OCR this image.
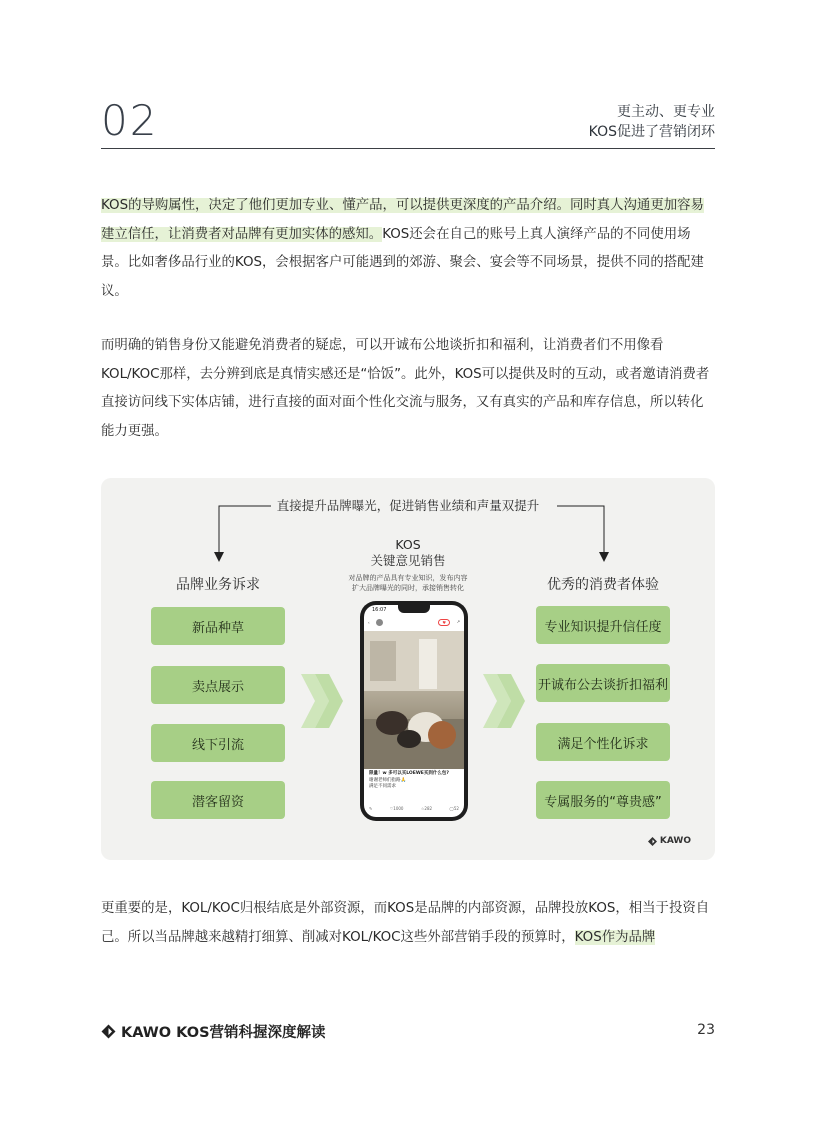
02	更主动、更专业
KOS促进了营销闭环

KOS的导购属性，决定了他们更加专业、懂产品，可以提供更深度的产品介绍。同时真人沟通更加容易建立信任，让消费者对品牌有更加实体的感知。KOS还会在自己的账号上真人演绎产品的不同使用场景。比如奢侈品行业的KOS，会根据客户可能遇到的郊游、聚会、宴会等不同场景，提供不同的搭配建议。

而明确的销售身份又能避免消费者的疑虑，可以开诚布公地谈折扣和福利，让消费者们不用像看KOL/KOC那样，去分辨到底是真情实感还是“恰饭”。此外，KOS可以提供及时的互动，或者邀请消费者直接访问线下实体店铺，进行直接的面对面个性化交流与服务，又有真实的产品和库存信息，所以转化能力更强。

直接提升品牌曝光，促进销售业绩和声量双提升
品牌业务诉求
新品种草
卖点展示
线下引流
潜客留资
KOS
关键意见销售
对品牌的产品具有专业知识，发布内容
扩大品牌曝光的同时，承接销售转化
16:07
‹	♥	↗
限量！w 多可以买LOEWE买到什么包?
谢谢老师们指路🙏
满足不同需求
✎	♡1000	☆282	◯52
优秀的消费者体验
专业知识提升信任度
开诚布公去谈折扣福利
满足个性化诉求
专属服务的“尊贵感”
KAWO

更重要的是，KOL/KOC归根结底是外部资源，而KOS是品牌的内部资源，品牌投放KOS，相当于投资自己。所以当品牌越来越精打细算、削减对KOL/KOC这些外部营销手段的预算时，KOS作为品牌

KAWO KOS营销科握深度解读	23
